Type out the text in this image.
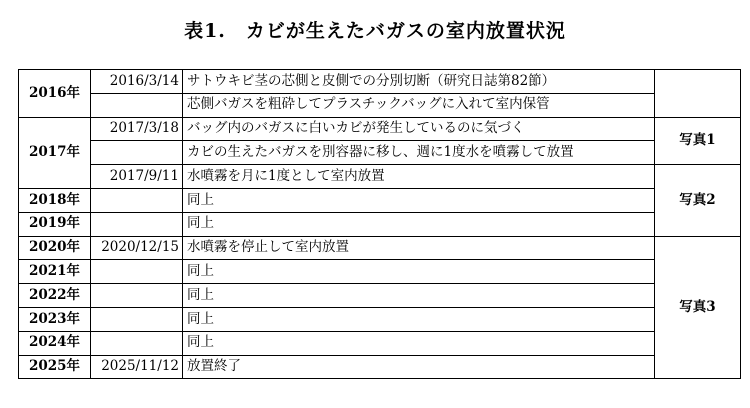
表1.　カビが生えたバガスの室内放置状況
2016年	2016/3/14	サトウキビ茎の芯側と皮側での分別切断（研究日誌第82節）	
		芯側バガスを粗砕してプラスチックバッグに入れて室内保管	
2017年	2017/3/18	バッグ内のバガスに白いカビが発生しているのに気づく	写真1
		カビの生えたバガスを別容器に移し、週に1度水を噴霧して放置	
	2017/9/11	水噴霧を月に1度として室内放置	写真2
2018年		同上	
2019年		同上	
2020年	2020/12/15	水噴霧を停止して室内放置	写真3
2021年		同上	
2022年		同上	
2023年		同上	
2024年		同上	
2025年	2025/11/12	放置終了	
